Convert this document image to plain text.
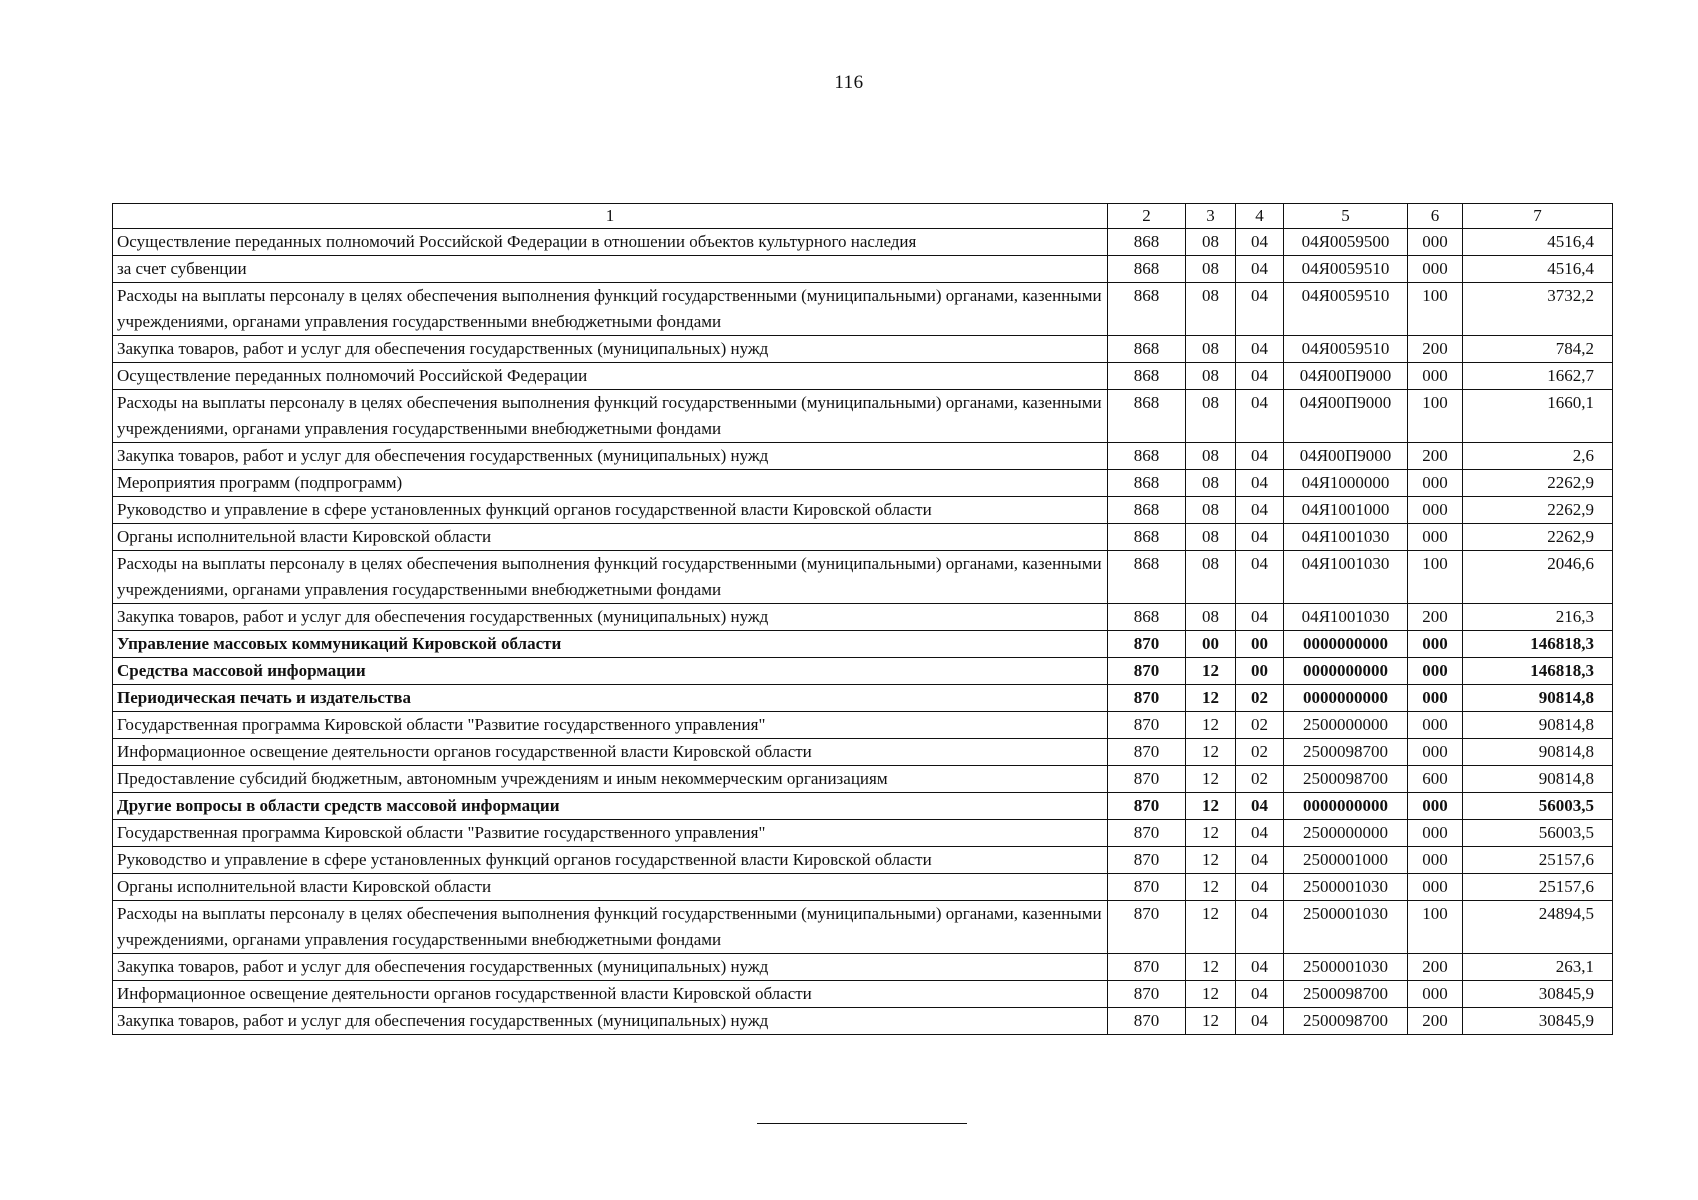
116
1	2	3	4	5	6	7
Осуществление переданных полномочий Российской Федерации в отношении объектов культурного наследия	868	08	04	04Я0059500	000	4516,4
за счет субвенции	868	08	04	04Я0059510	000	4516,4
Расходы на выплаты персоналу в целях обеспечения выполнения функций государственными (муниципальными) органами, казенными учреждениями, органами управления государственными внебюджетными фондами	868	08	04	04Я0059510	100	3732,2
Закупка товаров, работ и услуг для обеспечения государственных (муниципальных) нужд	868	08	04	04Я0059510	200	784,2
Осуществление переданных полномочий Российской Федерации	868	08	04	04Я00П9000	000	1662,7
Расходы на выплаты персоналу в целях обеспечения выполнения функций государственными (муниципальными) органами, казенными учреждениями, органами управления государственными внебюджетными фондами	868	08	04	04Я00П9000	100	1660,1
Закупка товаров, работ и услуг для обеспечения государственных (муниципальных) нужд	868	08	04	04Я00П9000	200	2,6
Мероприятия программ (подпрограмм)	868	08	04	04Я1000000	000	2262,9
Руководство и управление в сфере установленных функций органов государственной власти Кировской области	868	08	04	04Я1001000	000	2262,9
Органы исполнительной власти Кировской области	868	08	04	04Я1001030	000	2262,9
Расходы на выплаты персоналу в целях обеспечения выполнения функций государственными (муниципальными) органами, казенными учреждениями, органами управления государственными внебюджетными фондами	868	08	04	04Я1001030	100	2046,6
Закупка товаров, работ и услуг для обеспечения государственных (муниципальных) нужд	868	08	04	04Я1001030	200	216,3
Управление массовых коммуникаций Кировской области	870	00	00	0000000000	000	146818,3
Средства массовой информации	870	12	00	0000000000	000	146818,3
Периодическая печать и издательства	870	12	02	0000000000	000	90814,8
Государственная программа Кировской области "Развитие государственного управления"	870	12	02	2500000000	000	90814,8
Информационное освещение деятельности органов государственной власти Кировской области	870	12	02	2500098700	000	90814,8
Предоставление субсидий бюджетным, автономным учреждениям и иным некоммерческим организациям	870	12	02	2500098700	600	90814,8
Другие вопросы в области средств массовой информации	870	12	04	0000000000	000	56003,5
Государственная программа Кировской области "Развитие государственного управления"	870	12	04	2500000000	000	56003,5
Руководство и управление в сфере установленных функций органов государственной власти Кировской области	870	12	04	2500001000	000	25157,6
Органы исполнительной власти Кировской области	870	12	04	2500001030	000	25157,6
Расходы на выплаты персоналу в целях обеспечения выполнения функций государственными (муниципальными) органами, казенными учреждениями, органами управления государственными внебюджетными фондами	870	12	04	2500001030	100	24894,5
Закупка товаров, работ и услуг для обеспечения государственных (муниципальных) нужд	870	12	04	2500001030	200	263,1
Информационное освещение деятельности органов государственной власти Кировской области	870	12	04	2500098700	000	30845,9
Закупка товаров, работ и услуг для обеспечения государственных (муниципальных) нужд	870	12	04	2500098700	200	30845,9
